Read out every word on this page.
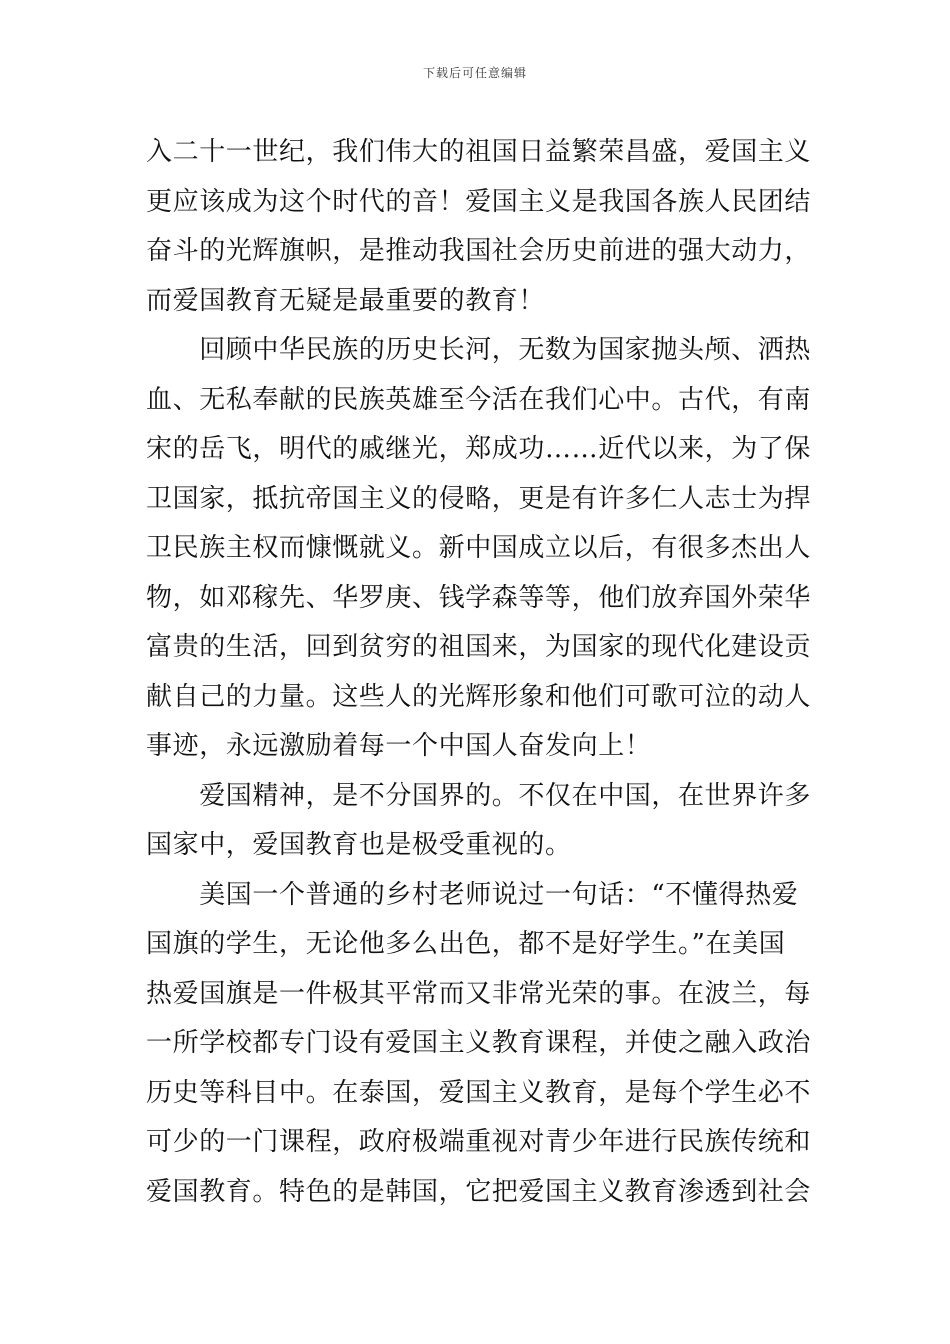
下载后可任意编辑
入二十一世纪，我们伟大的祖国日益繁荣昌盛，爱国主义
更应该成为这个时代的音！爱国主义是我国各族人民团结
奋斗的光辉旗帜，是推动我国社会历史前进的强大动力，
而爱国教育无疑是最重要的教育！
　　回顾中华民族的历史长河，无数为国家抛头颅、洒热
血、无私奉献的民族英雄至今活在我们心中。古代，有南
宋的岳飞，明代的戚继光，郑成功……近代以来，为了保
卫国家，抵抗帝国主义的侵略，更是有许多仁人志士为捍
卫民族主权而慷慨就义。新中国成立以后，有很多杰出人
物，如邓稼先、华罗庚、钱学森等等，他们放弃国外荣华
富贵的生活，回到贫穷的祖国来，为国家的现代化建设贡
献自己的力量。这些人的光辉形象和他们可歌可泣的动人
事迹，永远激励着每一个中国人奋发向上！
　　爱国精神，是不分国界的。不仅在中国，在世界许多
国家中，爱国教育也是极受重视的。
　　美国一个普通的乡村老师说过一句话：“不懂得热爱
国旗的学生，无论他多么出色，都不是好学生。”在美国
热爱国旗是一件极其平常而又非常光荣的事。在波兰，每
一所学校都专门设有爱国主义教育课程，并使之融入政治
历史等科目中。在泰国，爱国主义教育，是每个学生必不
可少的一门课程，政府极端重视对青少年进行民族传统和
爱国教育。特色的是韩国，它把爱国主义教育渗透到社会
